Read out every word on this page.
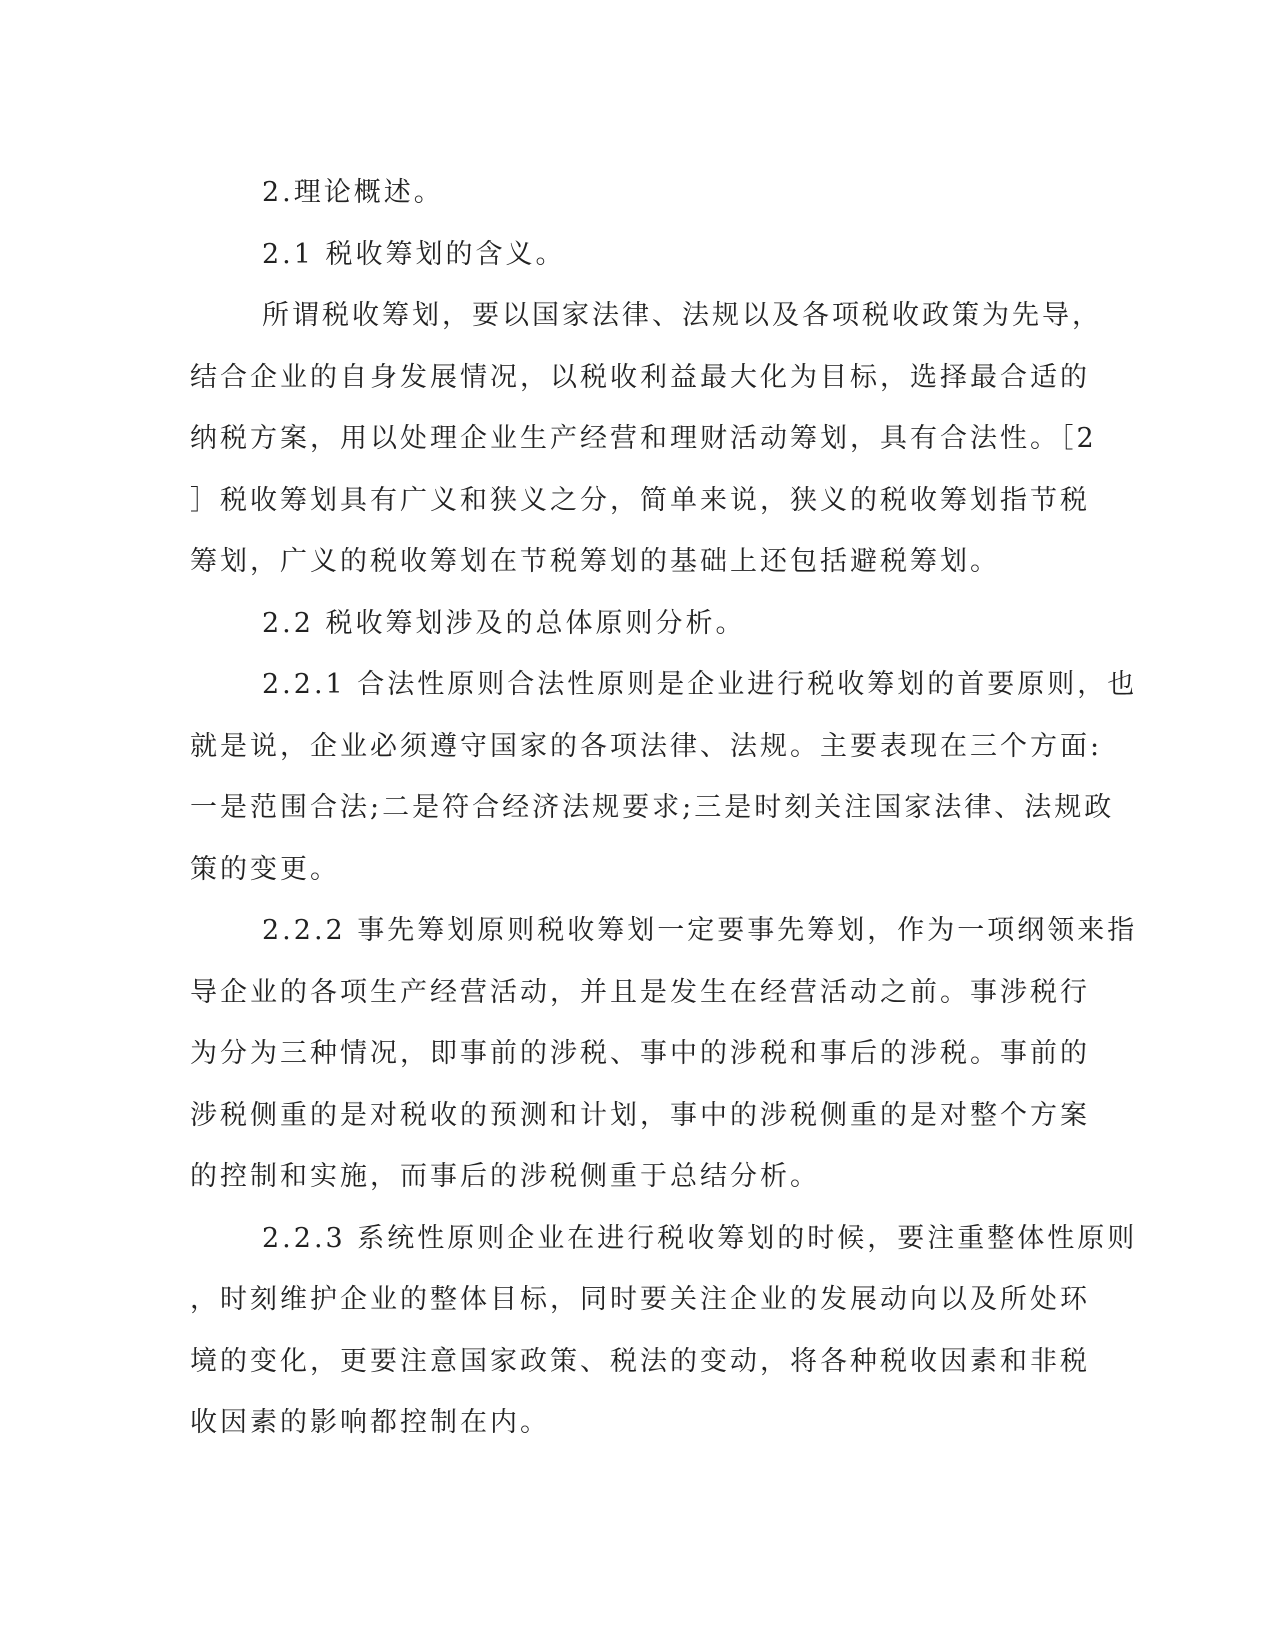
2.理论概述。
2.1 税收筹划的含义。
所谓税收筹划，要以国家法律、法规以及各项税收政策为先导，
结合企业的自身发展情况，以税收利益最大化为目标，选择最合适的
纳税方案，用以处理企业生产经营和理财活动筹划，具有合法性。［2
］税收筹划具有广义和狭义之分，简单来说，狭义的税收筹划指节税
筹划，广义的税收筹划在节税筹划的基础上还包括避税筹划。
2.2 税收筹划涉及的总体原则分析。
2.2.1 合法性原则合法性原则是企业进行税收筹划的首要原则，也
就是说，企业必须遵守国家的各项法律、法规。主要表现在三个方面:
一是范围合法;二是符合经济法规要求;三是时刻关注国家法律、法规政
策的变更。
2.2.2 事先筹划原则税收筹划一定要事先筹划，作为一项纲领来指
导企业的各项生产经营活动，并且是发生在经营活动之前。事涉税行
为分为三种情况，即事前的涉税、事中的涉税和事后的涉税。事前的
涉税侧重的是对税收的预测和计划，事中的涉税侧重的是对整个方案
的控制和实施，而事后的涉税侧重于总结分析。
2.2.3 系统性原则企业在进行税收筹划的时候，要注重整体性原则
，时刻维护企业的整体目标，同时要关注企业的发展动向以及所处环
境的变化，更要注意国家政策、税法的变动，将各种税收因素和非税
收因素的影响都控制在内。
